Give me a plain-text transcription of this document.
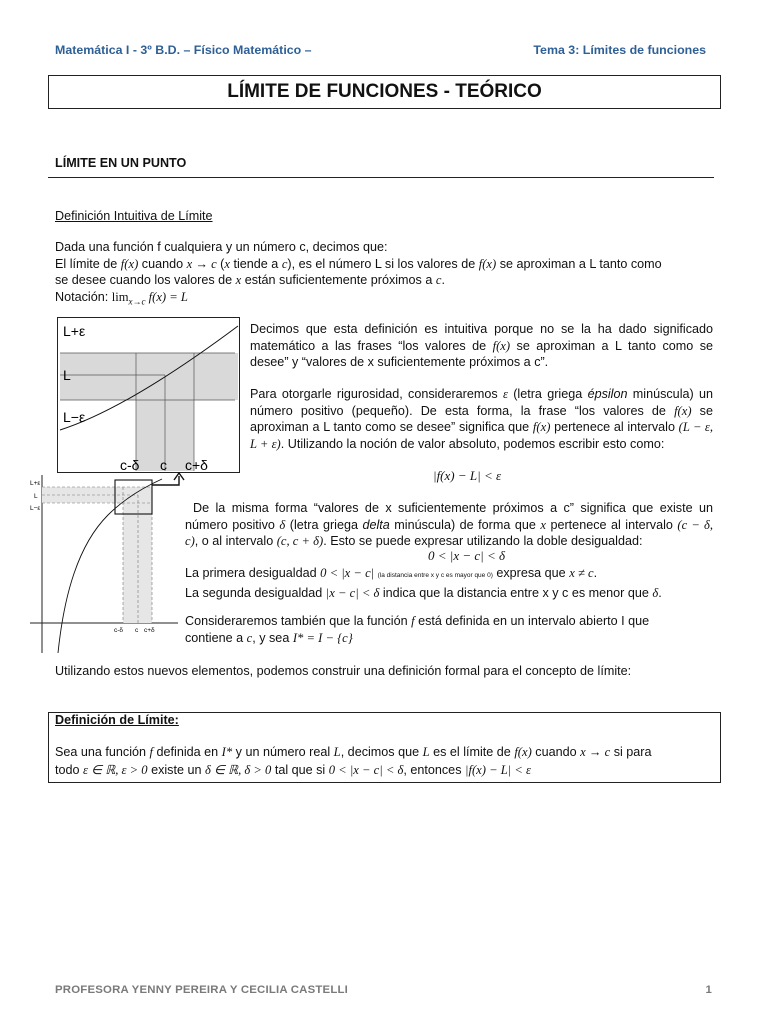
Matemática I - 3º B.D. – Físico Matemático –	Tema 3: Límites de funciones
LÍMITE DE FUNCIONES - TEÓRICO
LÍMITE EN UN PUNTO
Definición Intuitiva de Límite
Dada una función f cualquiera y un número c, decimos que:
El límite de f(x) cuando x → c (x tiende a c), es el número L si los valores de f(x) se aproximan a L tanto como
se desee cuando los valores de x están suficientemente próximos a c.
Notación: $\lim_{x\to c} f(x) = L$
L+ε
L
L−ε
c-δ c c+δ
L+ε
L
L−ε
c-δ c c+δ
Decimos que esta definición es intuitiva porque no se la ha dado significado matemático a las frases “los valores de f(x) se aproximan a L tanto como se desee” y “valores de x suficientemente próximos a c”.
Para otorgarle rigurosidad, consideraremos ε (letra griega épsilon minúscula) un número positivo (pequeño). De esta forma, la frase “los valores de f(x) se aproximan a L tanto como se desee” significa que f(x) pertenece al intervalo (L − ε, L + ε). Utilizando la noción de valor absoluto, podemos escribir esto como:
|f(x) − L| < ε
De la misma forma “valores de x suficientemente próximos a c” significa que existe un número positivo δ (letra griega delta minúscula) de forma que x pertenece al intervalo (c − δ, c), o al intervalo (c, c + δ). Esto se puede expresar utilizando la doble desigualdad:
0 < |x − c| < δ
La primera desigualdad 0 < |x − c| (la distancia entre x y c es mayor que 0) expresa que x ≠ c.
La segunda desigualdad |x − c| < δ indica que la distancia entre x y c es menor que δ.
Consideraremos también que la función f está definida en un intervalo abierto I que
contiene a c, y sea I* = I − {c}
Utilizando estos nuevos elementos, podemos construir una definición formal para el concepto de límite:
Definición de Límite:
Sea una función f definida en I* y un número real L, decimos que L es el límite de f(x) cuando x → c si para
todo ε ∈ ℝ, ε > 0 existe un δ ∈ ℝ, δ > 0 tal que si 0 < |x − c| < δ, entonces |f(x) − L| < ε
PROFESORA YENNY PEREIRA Y CECILIA CASTELLI	1
